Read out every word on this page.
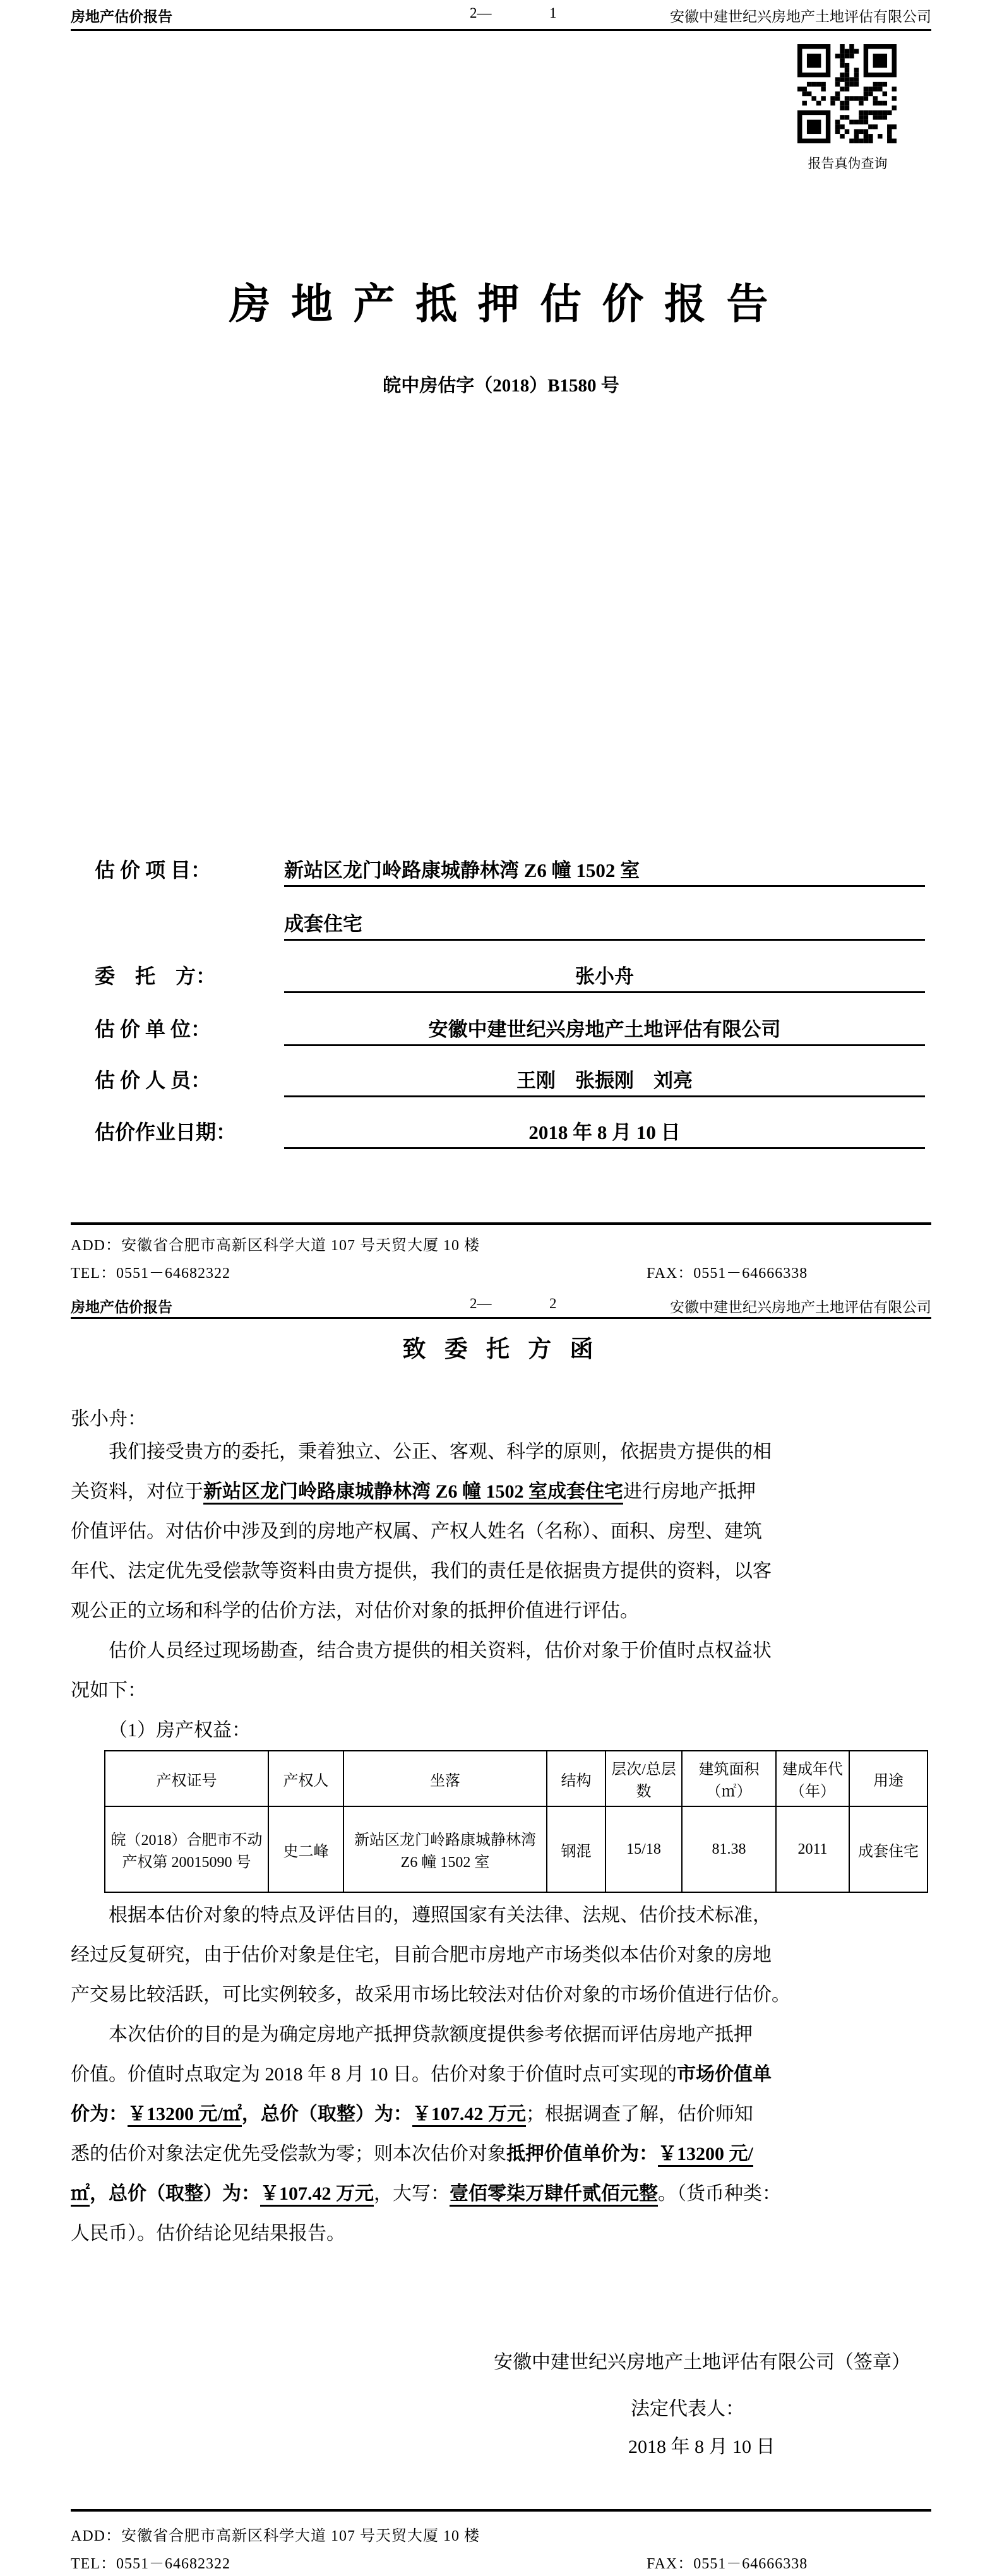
房地产估价报告	2—	1	安徽中建世纪兴房地产土地评估有限公司
报告真伪查询
房 地 产 抵 押 估 价 报 告
皖中房估字（2018）B1580 号
估 价 项 目：	新站区龙门岭路康城静林湾 Z6 幢 1502 室
成套住宅
委　托　方：	张小舟
估 价 单 位：	安徽中建世纪兴房地产土地评估有限公司
估 价 人 员：	王刚　张振刚　刘亮
估价作业日期：	2018 年 8 月 10 日
ADD：安徽省合肥市高新区科学大道 107 号天贸大厦 10 楼
TEL：0551－64682322	FAX：0551－64666338
房地产估价报告	2—	2	安徽中建世纪兴房地产土地评估有限公司
致 委 托 方 函
张小舟：
我们接受贵方的委托，秉着独立、公正、客观、科学的原则，依据贵方提供的相
关资料，对位于新站区龙门岭路康城静林湾 Z6 幢 1502 室成套住宅进行房地产抵押
价值评估。对估价中涉及到的房地产权属、产权人姓名（名称）、面积、房型、建筑
年代、法定优先受偿款等资料由贵方提供，我们的责任是依据贵方提供的资料，以客
观公正的立场和科学的估价方法，对估价对象的抵押价值进行评估。
估价人员经过现场勘查，结合贵方提供的相关资料，估价对象于价值时点权益状
况如下：
（1）房产权益：
产权证号	产权人	坐落	结构	层次/总层数	建筑面积（㎡）	建成年代（年）	用途
皖（2018）合肥市不动产权第 20015090 号	史二峰	新站区龙门岭路康城静林湾 Z6 幢 1502 室	钢混	15/18	81.38	2011	成套住宅
根据本估价对象的特点及评估目的，遵照国家有关法律、法规、估价技术标准，
经过反复研究，由于估价对象是住宅，目前合肥市房地产市场类似本估价对象的房地
产交易比较活跃，可比实例较多，故采用市场比较法对估价对象的市场价值进行估价。
本次估价的目的是为确定房地产抵押贷款额度提供参考依据而评估房地产抵押
价值。价值时点取定为 2018 年 8 月 10 日。估价对象于价值时点可实现的市场价值单
价为：￥13200 元/㎡，总价（取整）为：￥107.42 万元；根据调查了解，估价师知
悉的估价对象法定优先受偿款为零；则本次估价对象抵押价值单价为：￥13200 元/
㎡，总价（取整）为：￥107.42 万元，大写：壹佰零柒万肆仟贰佰元整。（货币种类：
人民币）。估价结论见结果报告。
安徽中建世纪兴房地产土地评估有限公司（签章）
法定代表人：
2018 年 8 月 10 日
ADD：安徽省合肥市高新区科学大道 107 号天贸大厦 10 楼
TEL：0551－64682322	FAX：0551－64666338
